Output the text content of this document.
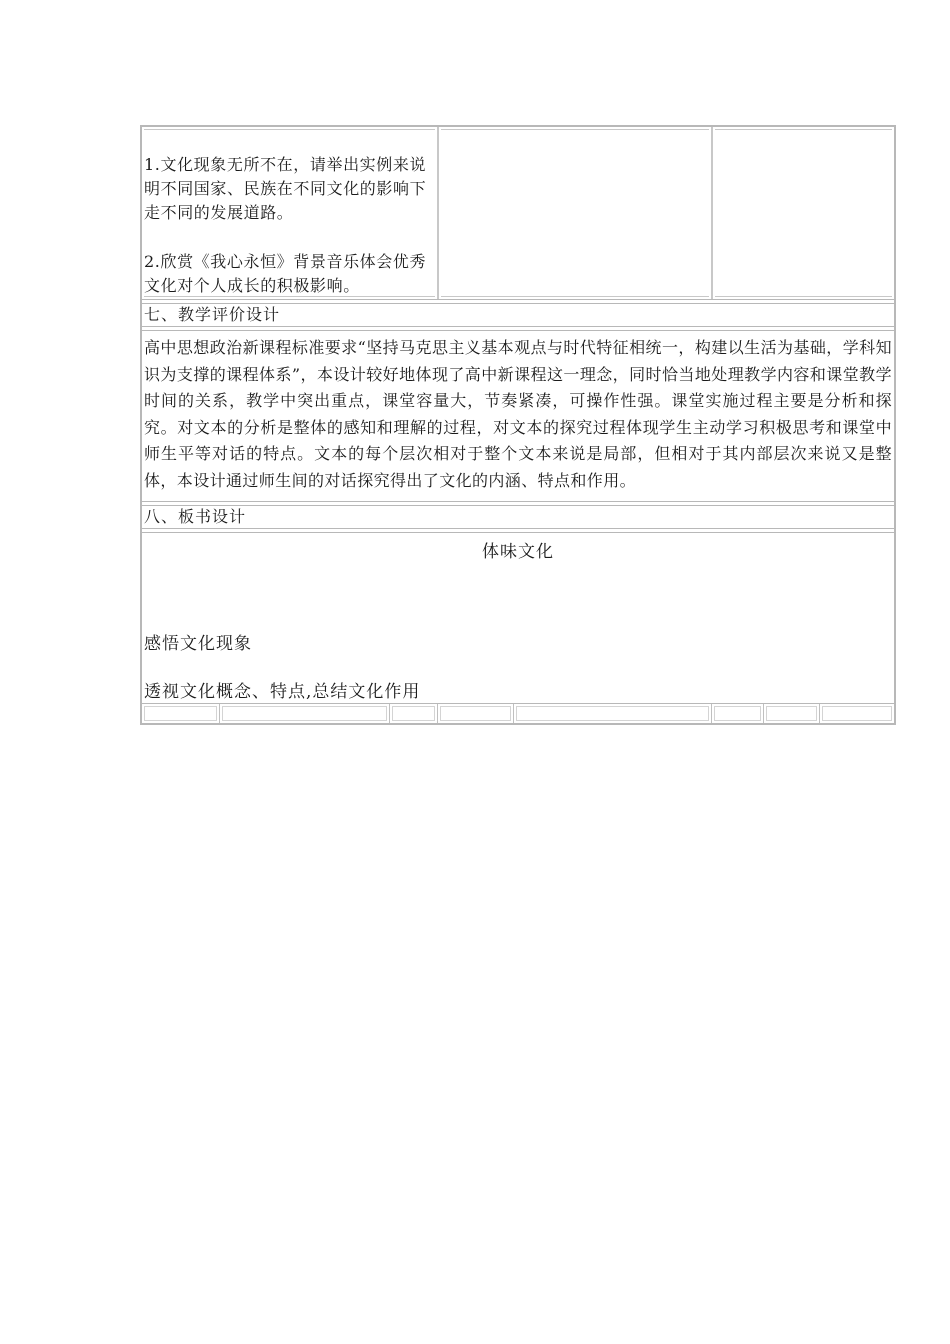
1.文化现象无所不在，请举出实例来说明不同国家、民族在不同文化的影响下走不同的发展道路。
2.欣赏《我心永恒》背景音乐体会优秀文化对个人成长的积极影响。
七、教学评价设计
高中思想政治新课程标准要求“坚持马克思主义基本观点与时代特征相统一，构建以生活为基础，学科知识为支撑的课程体系”，本设计较好地体现了高中新课程这一理念，同时恰当地处理教学内容和课堂教学时间的关系，教学中突出重点，课堂容量大，节奏紧凑，可操作性强。课堂实施过程主要是分析和探究。对文本的分析是整体的感知和理解的过程，对文本的探究过程体现学生主动学习积极思考和课堂中师生平等对话的特点。文本的每个层次相对于整个文本来说是局部，但相对于其内部层次来说又是整体，本设计通过师生间的对话探究得出了文化的内涵、特点和作用。
八、板书设计
体味文化
感悟文化现象
透视文化概念、特点,总结文化作用
